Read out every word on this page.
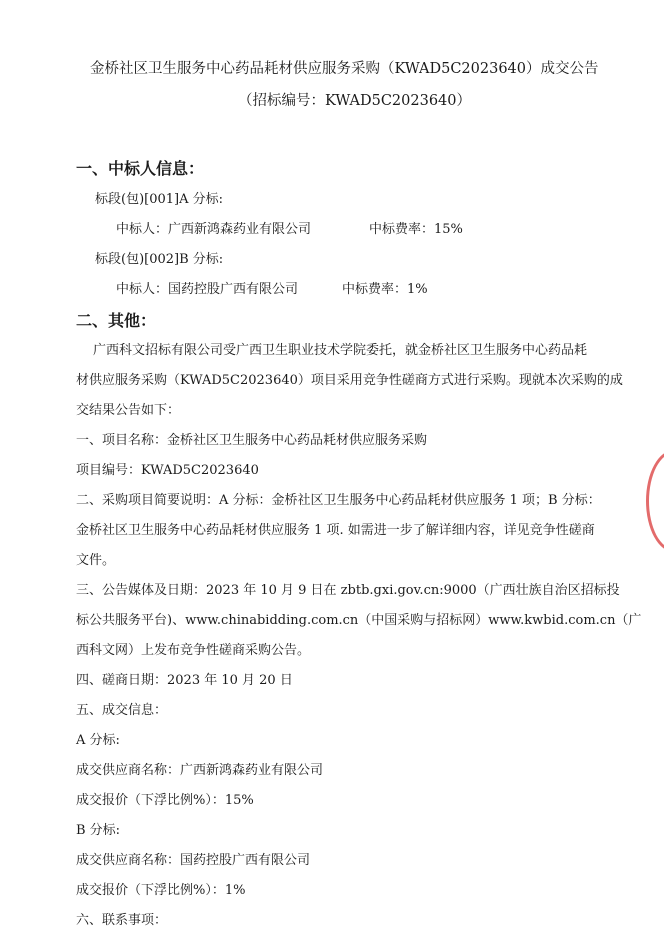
金桥社区卫生服务中心药品耗材供应服务采购（KWAD5C2023640）成交公告
（招标编号：KWAD5C2023640）
一、中标人信息：
标段(包)[001]A 分标:
中标人：广西新鸿森药业有限公司	中标费率：15%
标段(包)[002]B 分标:
中标人：国药控股广西有限公司	中标费率：1%
二、其他：
广西科文招标有限公司受广西卫生职业技术学院委托，就金桥社区卫生服务中心药品耗
材供应服务采购（KWAD5C2023640）项目采用竞争性磋商方式进行采购。现就本次采购的成
交结果公告如下：
一、项目名称：金桥社区卫生服务中心药品耗材供应服务采购
项目编号：KWAD5C2023640
二、采购项目简要说明：A 分标：金桥社区卫生服务中心药品耗材供应服务 1 项；B 分标：
金桥社区卫生服务中心药品耗材供应服务 1 项. 如需进一步了解详细内容，详见竞争性磋商
文件。
三、公告媒体及日期：2023 年 10 月 9 日在 zbtb.gxi.gov.cn:9000（广西壮族自治区招标投
标公共服务平台)、www.chinabidding.com.cn（中国采购与招标网）www.kwbid.com.cn（广
西科文网）上发布竞争性磋商采购公告。
四、磋商日期：2023 年 10 月 20 日
五、成交信息：
A 分标:
成交供应商名称：广西新鸿森药业有限公司
成交报价（下浮比例%）：15%
B 分标:
成交供应商名称：国药控股广西有限公司
成交报价（下浮比例%）：1%
六、联系事项：
